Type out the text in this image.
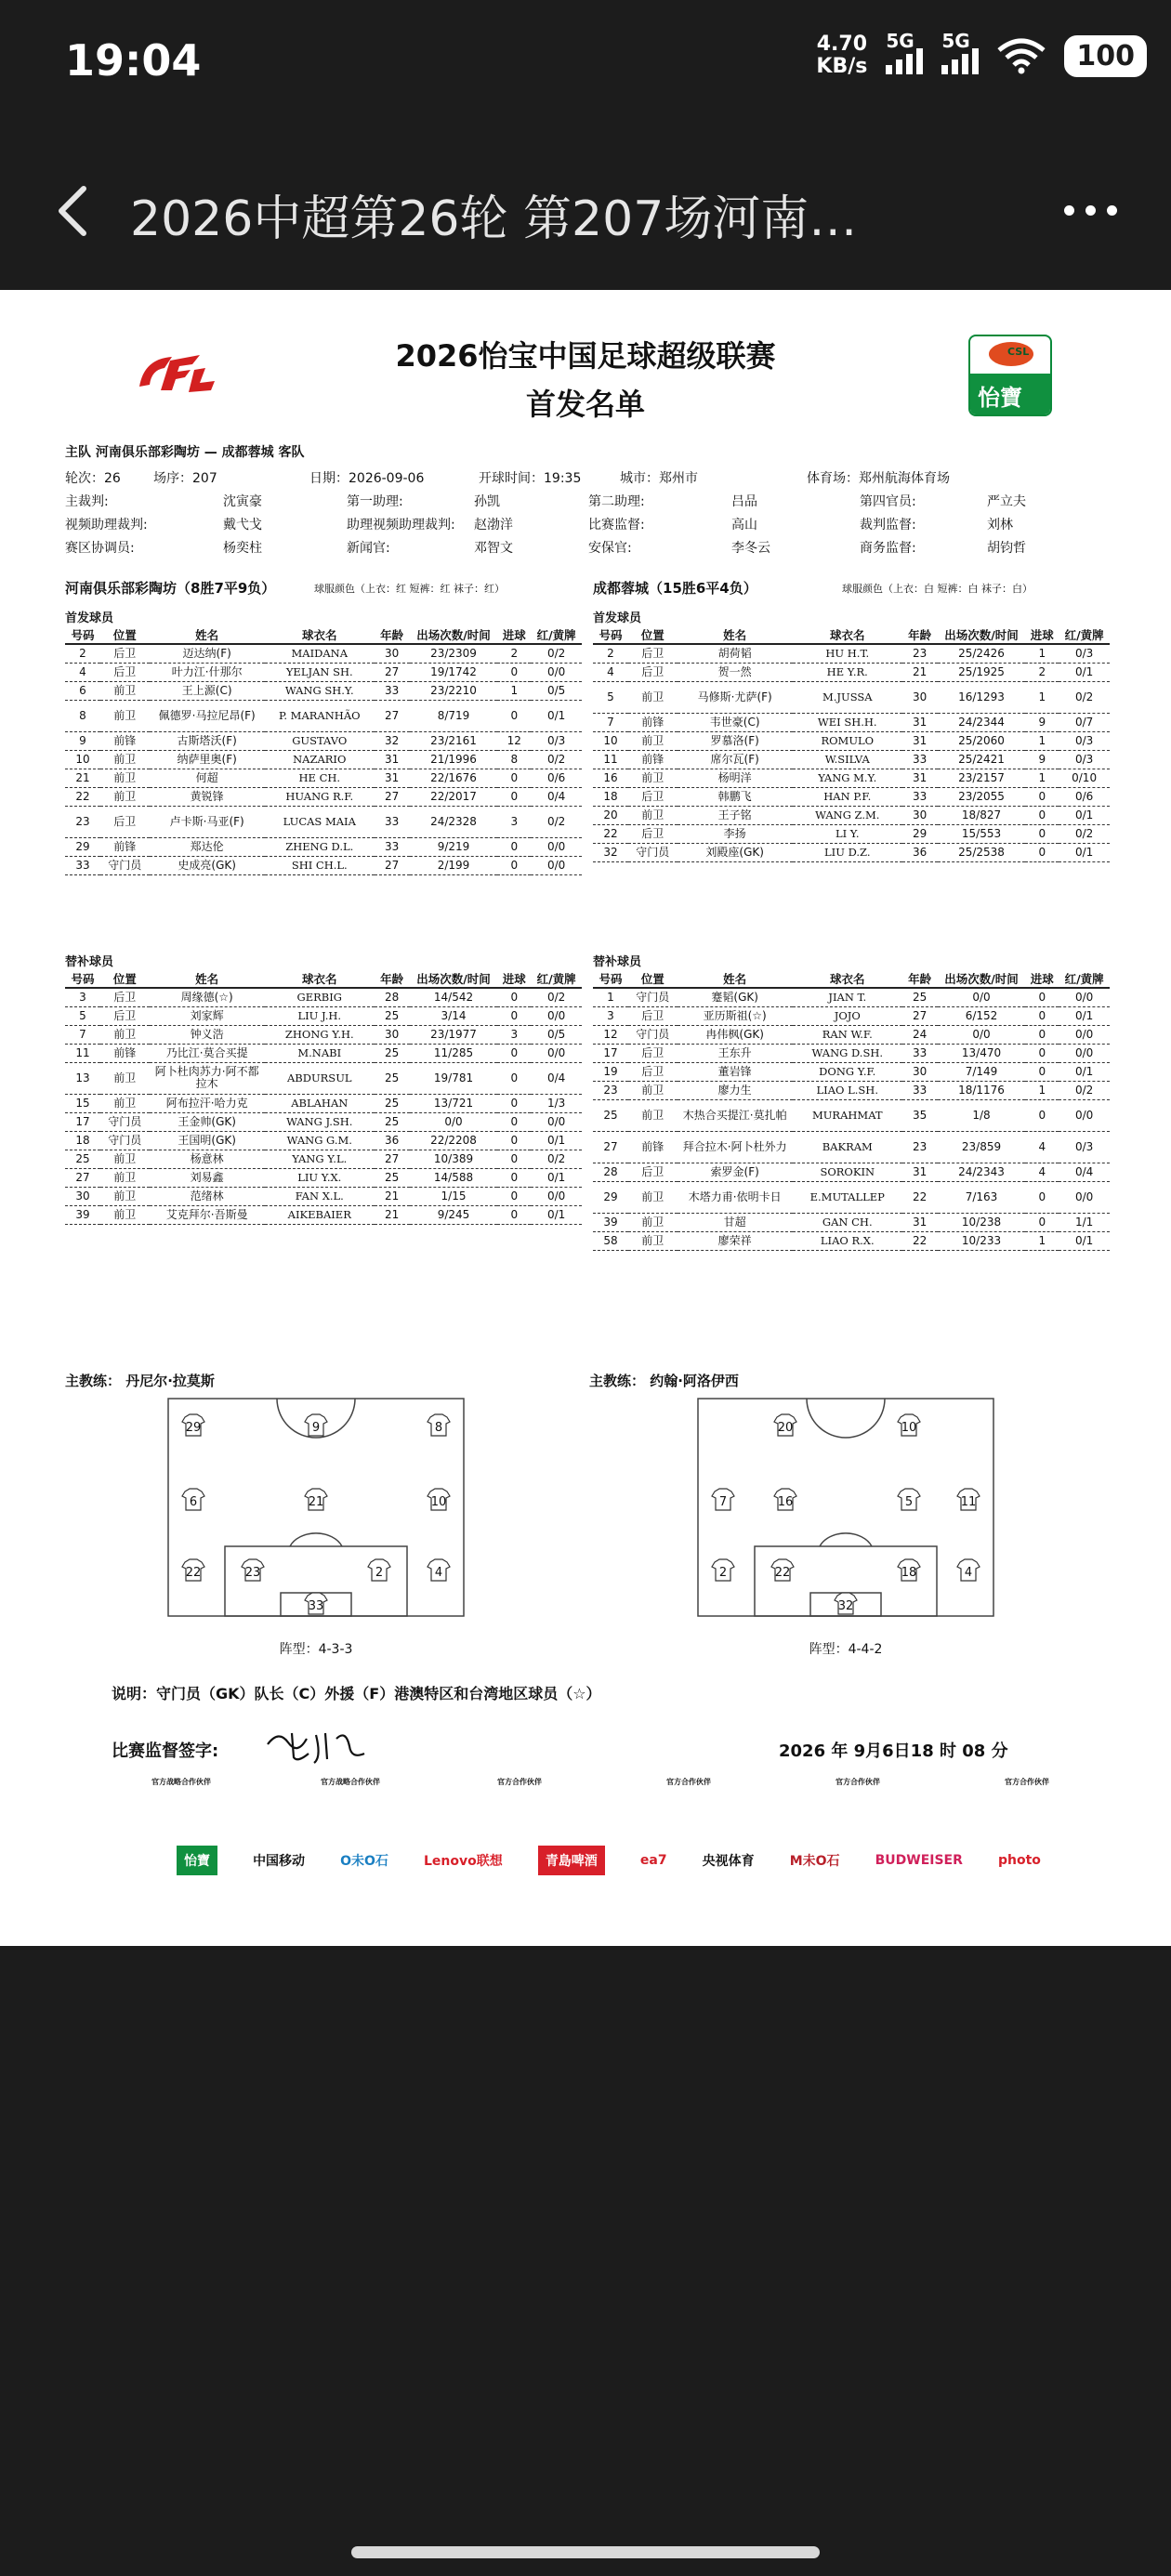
19:04	4.70
KB/s
5G 5G	100
2026中超第26轮 第207场河南…
CSL
怡寶
2026怡宝中国足球超级联赛
首发名单
主队 河南俱乐部彩陶坊 — 成都蓉城 客队
轮次：26	场序：207	日期：2026-09-06	开球时间：19:35	城市：郑州市	体育场：郑州航海体育场
主裁判:	沈寅豪	第一助理:	孙凯	第二助理:	吕品	第四官员:	严立夫
视频助理裁判:	戴弋戈	助理视频助理裁判: 赵渤洋	比赛监督:	高山	裁判监督:	刘林
赛区协调员:	杨奕柱	新闻官:	邓智文	安保官:	李冬云	商务监督:	胡钧哲
河南俱乐部彩陶坊（8胜7平9负）	球服颜色（上衣：红 短裤：红 袜子：红）	成都蓉城（15胜6平4负）	球服颜色（上衣：白 短裤：白 袜子：白）
首发球员	首发球员
号码	位置	姓名	球衣名	年龄	出场次数/时间	进球	红/黄牌
2	后卫	迈达纳(F)	MAIDANA	30	23/2309	2	0/2
4	后卫	叶力江·什那尔	YELJAN SH.	27	19/1742	0	0/0
6	前卫	王上源(C)	WANG SH.Y.	33	23/2210	1	0/5
8	前卫	佩德罗·马拉尼昂(F)	P. MARANHÃO	27	8/719	0	0/1
9	前锋	古斯塔沃(F)	GUSTAVO	32	23/2161	12	0/3
10	前卫	纳萨里奥(F)	NAZARIO	31	21/1996	8	0/2
21	前卫	何超	HE CH.	31	22/1676	0	0/6
22	前卫	黄锐锋	HUANG R.F.	27	22/2017	0	0/4
23	后卫	卢卡斯·马亚(F)	LUCAS MAIA	33	24/2328	3	0/2
29	前锋	郑达伦	ZHENG D.L.	33	9/219	0	0/0
33	守门员	史成亮(GK)	SHI CH.L.	27	2/199	0	0/0
号码	位置	姓名	球衣名	年龄	出场次数/时间	进球	红/黄牌
2	后卫	胡荷韬	HU H.T.	23	25/2426	1	0/3
4	后卫	贺一然	HE Y.R.	21	25/1925	2	0/1
5	前卫	马修斯·尤萨(F)	M.JUSSA	30	16/1293	1	0/2
7	前锋	韦世豪(C)	WEI SH.H.	31	24/2344	9	0/7
10	前卫	罗慕洛(F)	ROMULO	31	25/2060	1	0/3
11	前锋	席尔瓦(F)	W.SILVA	33	25/2421	9	0/3
16	前卫	杨明洋	YANG M.Y.	31	23/2157	1	0/10
18	后卫	韩鹏飞	HAN P.F.	33	23/2055	0	0/6
20	前卫	王子铭	WANG Z.M.	30	18/827	0	0/1
22	后卫	李扬	LI Y.	29	15/553	0	0/2
32	守门员	刘殿座(GK)	LIU D.Z.	36	25/2538	0	0/1
替补球员	替补球员
号码	位置	姓名	球衣名	年龄	出场次数/时间	进球	红/黄牌
3	后卫	周缘德(☆)	GERBIG	28	14/542	0	0/2
5	后卫	刘家辉	LIU J.H.	25	3/14	0	0/0
7	前卫	钟义浩	ZHONG Y.H.	30	23/1977	3	0/5
11	前锋	乃比江·莫合买提	M.NABI	25	11/285	0	0/0
13	前卫	阿卜杜肉苏力·阿不都拉木	ABDURSUL	25	19/781	0	0/4
15	前卫	阿布拉汗·哈力克	ABLAHAN	25	13/721	0	1/3
17	守门员	王金帅(GK)	WANG J.SH.	25	0/0	0	0/0
18	守门员	王国明(GK)	WANG G.M.	36	22/2208	0	0/1
25	前卫	杨意林	YANG Y.L.	27	10/389	0	0/2
27	前卫	刘易鑫	LIU Y.X.	25	14/588	0	0/1
30	前卫	范绪林	FAN X.L.	21	1/15	0	0/0
39	前卫	艾克拜尔·吾斯曼	AIKEBAIER	21	9/245	0	0/1
号码	位置	姓名	球衣名	年龄	出场次数/时间	进球	红/黄牌
1	守门员	蹇韬(GK)	JIAN T.	25	0/0	0	0/0
3	后卫	亚历斯祖(☆)	JOJO	27	6/152	0	0/1
12	守门员	冉伟枫(GK)	RAN W.F.	24	0/0	0	0/0
17	后卫	王东升	WANG D.SH.	33	13/470	0	0/0
19	后卫	董岩锋	DONG Y.F.	30	7/149	0	0/1
23	前卫	廖力生	LIAO L.SH.	33	18/1176	1	0/2
25	前卫	木热合买提江·莫扎帕	MURAHMAT	35	1/8	0	0/0
27	前锋	拜合拉木·阿卜杜外力	BAKRAM	23	23/859	4	0/3
28	后卫	索罗金(F)	SOROKIN	31	24/2343	4	0/4
29	前卫	木塔力甫·依明卡日	E.MUTALLEP	22	7/163	0	0/0
39	前卫	甘超	GAN CH.	31	10/238	0	1/1
58	前卫	廖荣祥	LIAO R.X.	22	10/233	1	0/1
主教练： 丹尼尔·拉莫斯	主教练： 约翰·阿洛伊西
29	9	8
6	21	10
22	23	2	4
33
20	10
7	16	5	11
2	22	18	4
32
阵型：4-3-3	阵型：4-4-2
说明：守门员（GK）队长（C）外援（F）港澳特区和台湾地区球员（☆）
比赛监督签字:	2026 年 9月6日18 时 08 分
官方战略合作伙伴	官方战略合作伙伴	官方合作伙伴	官方合作伙伴	官方合作伙伴	官方合作伙伴
怡寶	中国移动	O未O石	Lenovo联想	青島啤酒	ea7	央视体育	M未O石	BUDWEISER	photo
